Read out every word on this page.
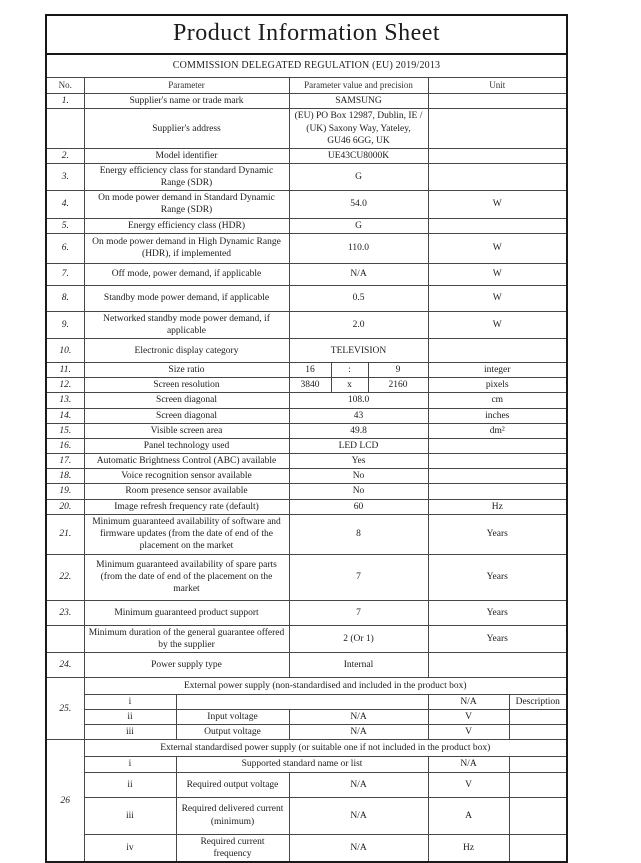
Product Information Sheet							
COMMISSION DELEGATED REGULATION (EU) 2019/2013							
No.	Parameter		Parameter value and precision			Unit	
1.	Supplier's name or trade mark		SAMSUNG				
	Supplier's address		(EU) PO Box 12987, Dublin, IE / (UK) Saxony Way, Yateley, GU46 6GG, UK				
2.	Model identifier		UE43CU8000K				
3.	Energy efficiency class for standard Dynamic Range (SDR)		G				
4.	On mode power demand in Standard Dynamic Range (SDR)		54.0			W	
5.	Energy efficiency class (HDR)		G				
6.	On mode power demand in High Dynamic Range (HDR), if implemented		110.0			W	
7.	Off mode, power demand, if applicable		N/A			W	
8.	Standby mode power demand, if applicable		0.5			W	
9.	Networked standby mode power demand, if applicable		2.0			W	
10.	Electronic display category		TELEVISION				
11.	Size ratio		16	:	9	integer	
12.	Screen resolution		3840	x	2160	pixels	
13.	Screen diagonal		108.0			cm	
14.	Screen diagonal		43			inches	
15.	Visible screen area		49.8			dm²	
16.	Panel technology used		LED LCD				
17.	Automatic Brightness Control (ABC) available		Yes				
18.	Voice recognition sensor available		No				
19.	Room presence sensor available		No				
20.	Image refresh frequency rate (default)		60			Hz	
21.	Minimum guaranteed availability of software and firmware updates (from the date of end of the placement on the market		8			Years	
22.	Minimum guaranteed availability of spare parts (from the date of end of the placement on the market		7			Years	
23.	Minimum guaranteed product support		7			Years	
	Minimum duration of the general guarantee offered by the supplier		2 (Or 1)			Years	
24.	Power supply type		Internal				
25.	External power supply (non-standardised and included in the product box)						
	i					N/A	Description
	ii	Input voltage	N/A			V	
	iii	Output voltage	N/A			V	
26	External standardised power supply (or suitable one if not included in the product box)						
	i	Supported standard name or list				N/A	
	ii	Required output voltage	N/A			V	
	iii	Required delivered current (minimum)	N/A			A	
	iv	Required current frequency	N/A			Hz	
